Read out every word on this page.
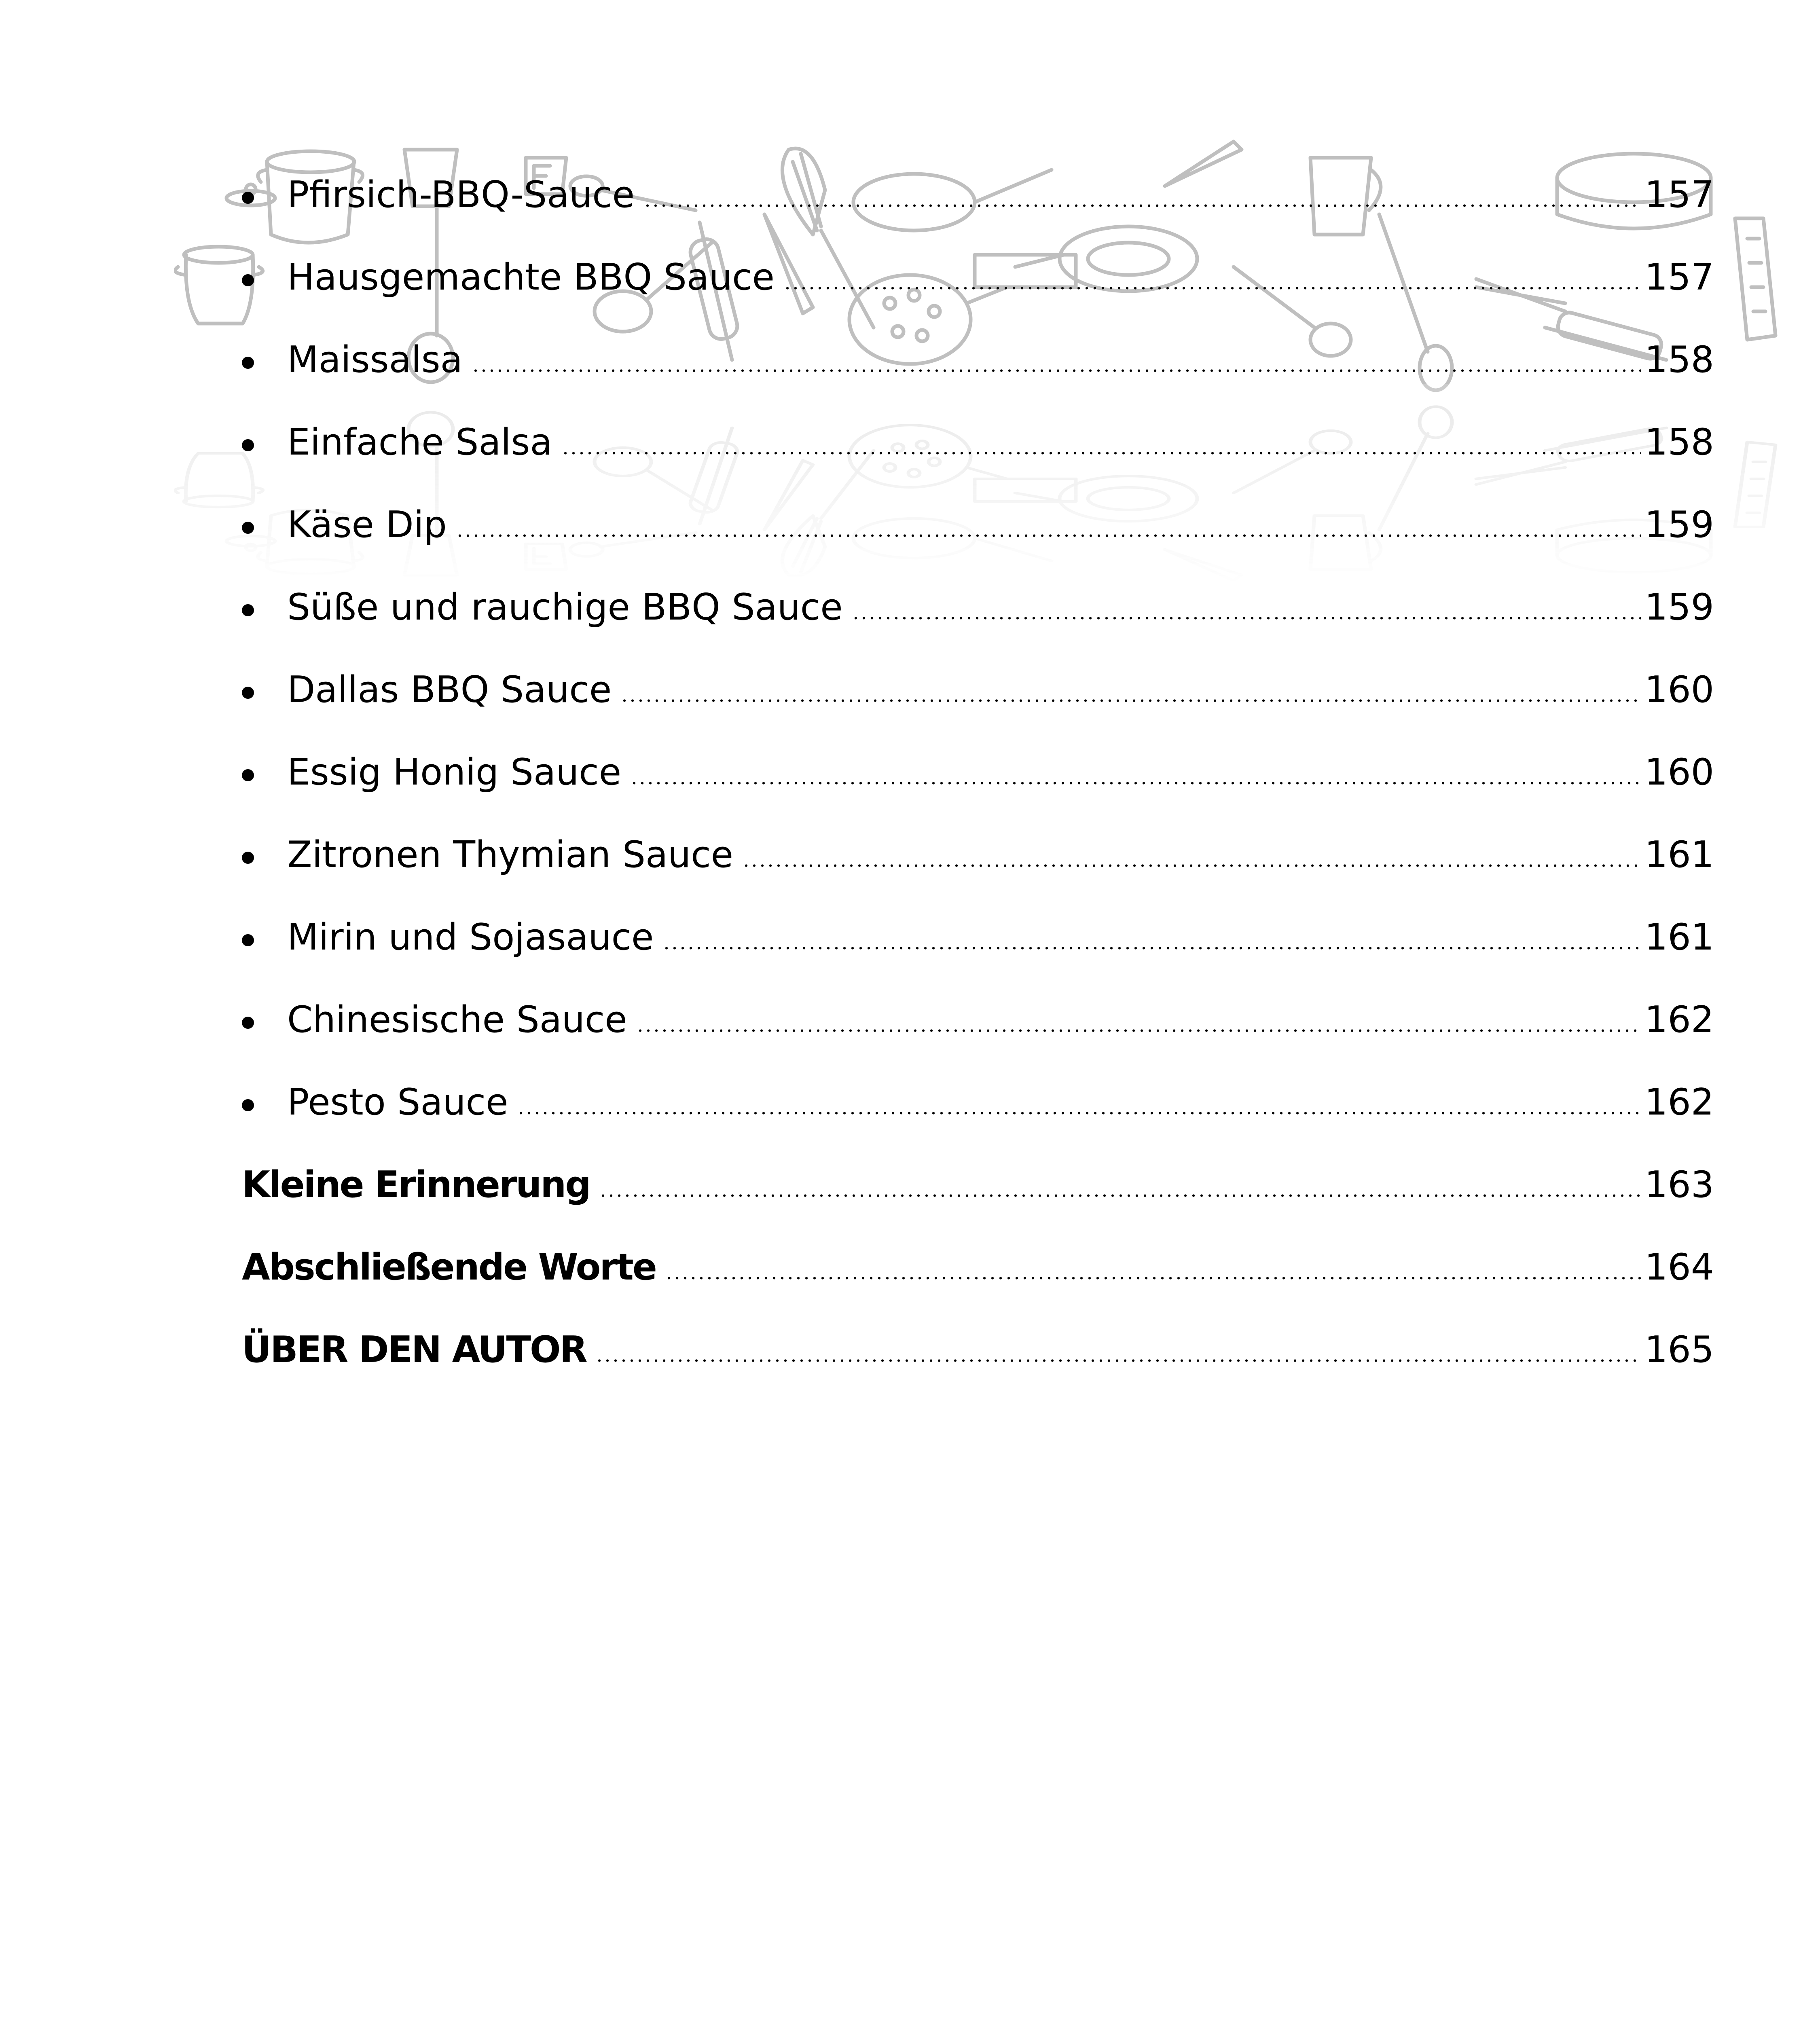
Pfirsich-BBQ-Sauce	157
Hausgemachte BBQ Sauce	157
Maissalsa	158
Einfache Salsa	158
Käse Dip	159
Süße und rauchige BBQ Sauce	159
Dallas BBQ Sauce	160
Essig Honig Sauce	160
Zitronen Thymian Sauce	161
Mirin und Sojasauce	161
Chinesische Sauce	162
Pesto Sauce	162
Kleine Erinnerung	163
Abschließende Worte	164
ÜBER DEN AUTOR	165
